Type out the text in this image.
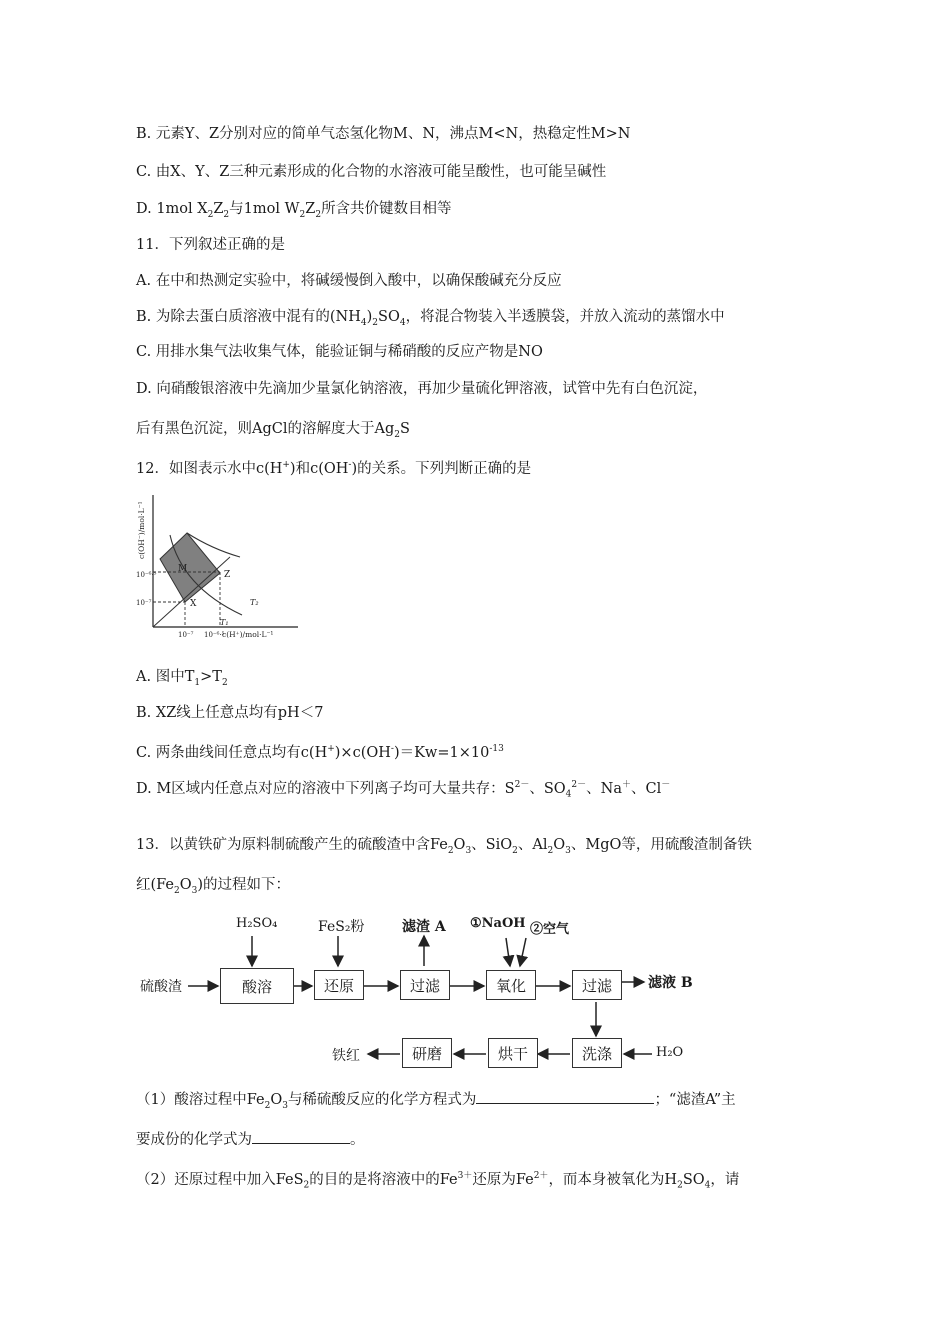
B. 元素Y、Z分别对应的简单气态氢化物M、N，沸点M<N，热稳定性M>N
C. 由X、Y、Z三种元素形成的化合物的水溶液可能呈酸性，也可能呈碱性
D. 1mol $X_2Z_2$与1mol $W_2Z_2$所含共价键数目相等
11．下列叙述正确的是
A. 在中和热测定实验中，将碱缓慢倒入酸中，以确保酸碱充分反应
B. 为除去蛋白质溶液中混有的$(NH_4)_2SO_4$，将混合物装入半透膜袋，并放入流动的蒸馏水中
C. 用排水集气法收集气体，能验证铜与稀硝酸的反应产物是NO
D. 向硝酸银溶液中先滴加少量氯化钠溶液，再加少量硫化钾溶液，试管中先有白色沉淀，
后有黑色沉淀，则AgCl的溶解度大于$Ag_2S$
12．如图表示水中c(H+)和c(OH-)的关系。下列判断正确的是
10⁻⁶·⁵
10⁻⁷
10⁻⁷ 10⁻⁶·⁵
c(H⁺)/mol·L⁻¹
c(OH⁻)/mol·L⁻¹
M
Z
X
T₁
T₂
A. 图中$T_1>T_2$
B. XZ线上任意点均有pH＜7
C. 两条曲线间任意点均有$c(H^+)\times c(OH^-)=Kw=1\times 10^{-13}$
D. M区域内任意点对应的溶液中下列离子均可大量共存：$S^{2-}$、$SO_4^{2-}$、Na＋、Cl－
13．以黄铁矿为原料制硫酸产生的硫酸渣中含$Fe_2O_3$、SiO$_2$、$Al_2O_3$、MgO等，用硫酸渣制备铁
红$(Fe_2O_3)$的过程如下：
硫酸渣	酸溶	还原	过滤	氧化	过滤
洗涤
烘干
研磨
H₂SO₄	FeS₂粉	滤渣 A ①NaOH ②空气
滤液 B
H₂O
铁红
（1）酸溶过程中$Fe_2O_3$与稀硫酸反应的化学方程式为	；“滤渣A”主
要成份的化学式为	。
（2）还原过程中加入FeS$_2$的目的是将溶液中的$Fe^{3+}$还原为$Fe^{2+}$，而本身被氧化为$H_2SO_4$，请
